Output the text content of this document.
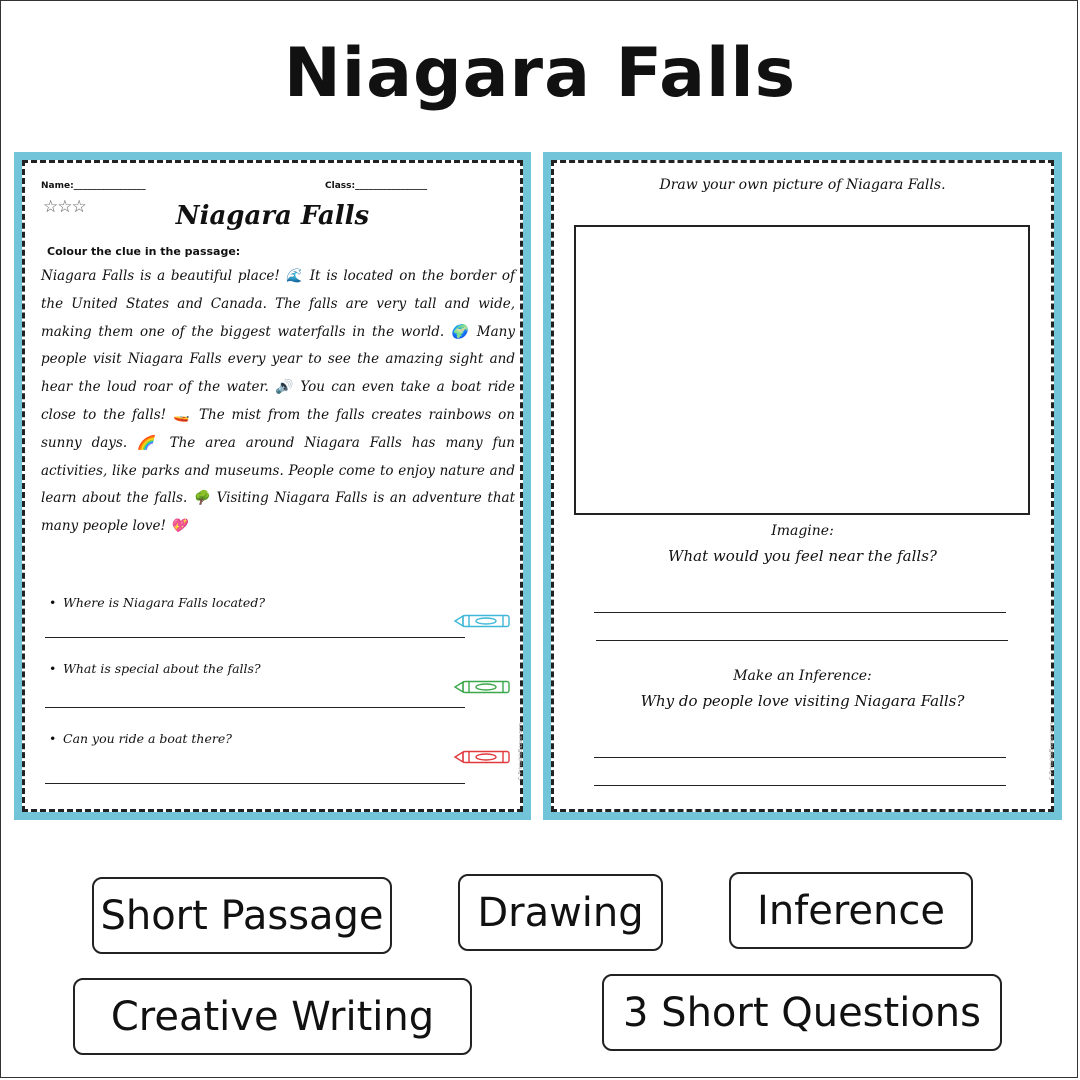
Niagara Falls
Name:________________	Class:________________
☆☆☆	Niagara Falls
Colour the clue in the passage:
Niagara Falls is a beautiful place! 🌊 It is located on the border of the United States and Canada. The falls are very tall and wide, making them one of the biggest waterfalls in the world. 🌍 Many people visit Niagara Falls every year to see the amazing sight and hear the loud roar of the water. 🔊 You can even take a boat ride close to the falls! 🚤 The mist from the falls creates rainbows on sunny days. 🌈 The area around Niagara Falls has many fun activities, like parks and museums. People come to enjoy nature and learn about the falls. 🌳 Visiting Niagara Falls is an adventure that many people love! 💖
• Where is Niagara Falls located?
• What is special about the falls?
• Can you ride a boat there?	© PrintableBazaar.com
Draw your own picture of Niagara Falls.
Imagine:
What would you feel near the falls?
Make an Inference:
Why do people love visiting Niagara Falls?
© PrintableBazaar.com
Short Passage	Drawing	Inference
Creative Writing	3 Short Questions
